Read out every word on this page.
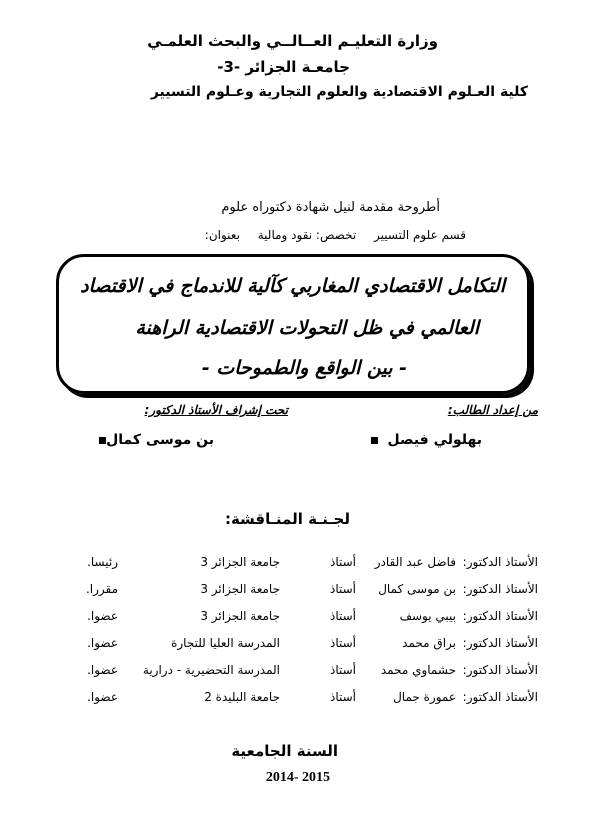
وزارة التعليـم العــالــي والبحث العلمـي
جامعـة الجزائر -3-
كلية العـلوم الاقتصادية والعلوم التجارية وعـلوم التسيير
أطروحة مقدمة لنيل شهادة دكتوراه علوم
قسم علوم التسيير تخصص: نقود ومالية بعنوان:
التكامل الاقتصادي المغاربي كآلية للاندماج في الاقتصاد
العالمي في ظل التحولات الاقتصادية الراهنة
- بين الواقع والطموحات -
من إعداد الطالب:
تحت إشراف الأستاذ الدكتور:
بهلولي فيصل
بن موسى كمال
لجـنـة المنـاقشة:
الأستاذ الدكتور:
فاضل عبد القادر
أستاذ
جامعة الجزائر 3
رئيسا.
الأستاذ الدكتور:
بن موسى كمال
أستاذ
جامعة الجزائر 3
مقررا.
الأستاذ الدكتور:
بيبي يوسف
أستاذ
جامعة الجزائر 3
عضوا.
الأستاذ الدكتور:
براق محمد
أستاذ
المدرسة العليا للتجارة
عضوا.
الأستاذ الدكتور:
حشماوي محمد
أستاذ
المدرسة التحضيرية - درارية
عضوا.
الأستاذ الدكتور:
عمورة جمال
أستاذ
جامعة البليدة 2
عضوا.
السنة الجامعية
2014- 2015
